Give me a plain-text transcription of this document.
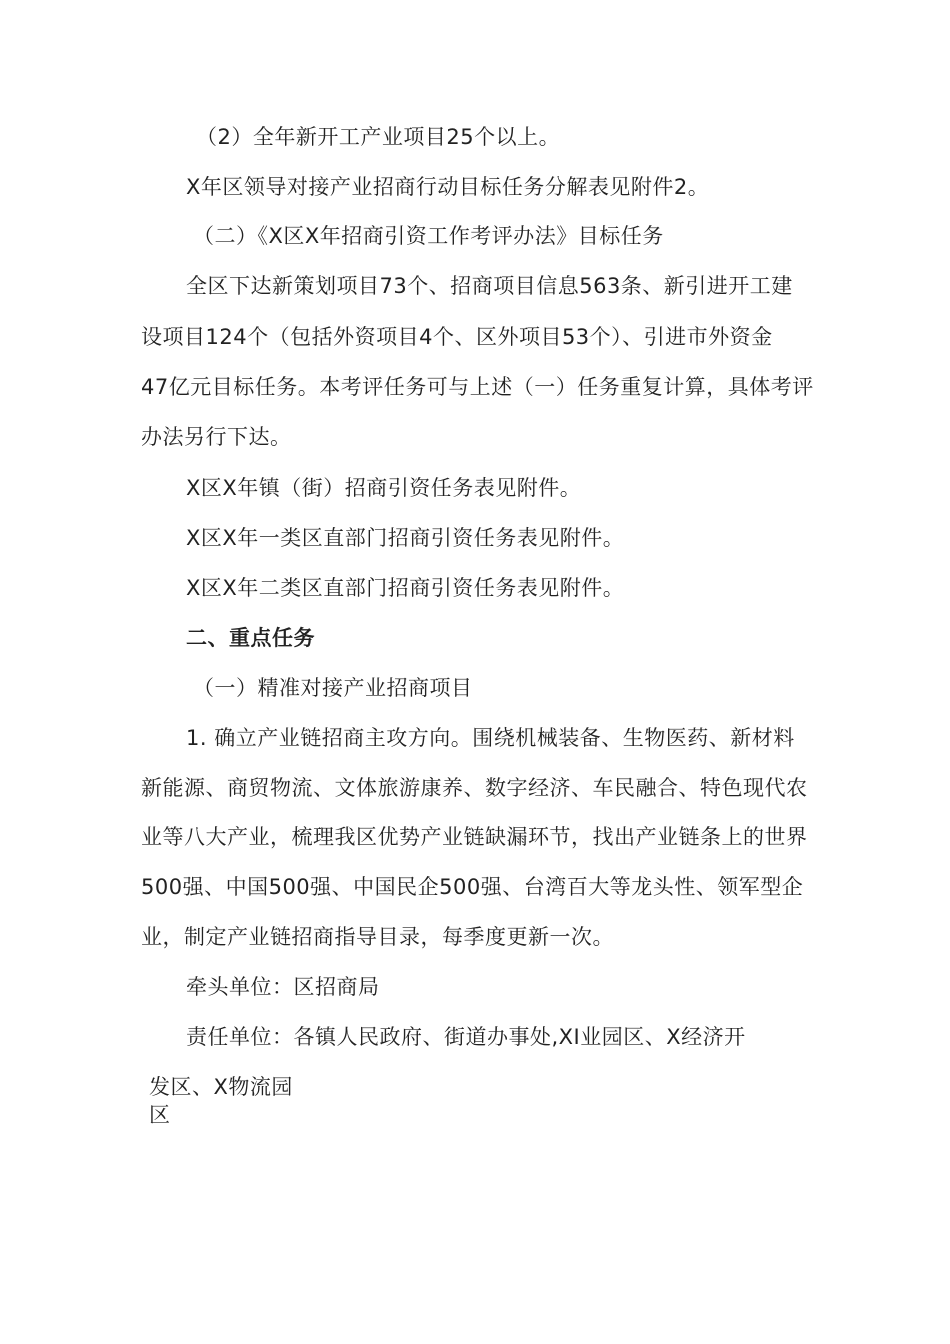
（2）全年新开工产业项目25个以上。
X年区领导对接产业招商行动目标任务分解表见附件2。
（二）《X区X年招商引资工作考评办法》目标任务
全区下达新策划项目73个、招商项目信息563条、新引进开工建
设项目124个（包括外资项目4个、区外项目53个）、引进市外资金
47亿元目标任务。本考评任务可与上述（一）任务重复计算，具体考评
办法另行下达。
X区X年镇（街）招商引资任务表见附件。
X区X年一类区直部门招商引资任务表见附件。
X区X年二类区直部门招商引资任务表见附件。
二、重点任务
（一）精准对接产业招商项目
1. 确立产业链招商主攻方向。围绕机械装备、生物医药、新材料
新能源、商贸物流、文体旅游康养、数字经济、车民融合、特色现代农
业等八大产业，梳理我区优势产业链缺漏环节，找出产业链条上的世界
500强、中国500强、中国民企500强、台湾百大等龙头性、领军型企
业，制定产业链招商指导目录，每季度更新一次。
牵头单位：区招商局
责任单位：各镇人民政府、街道办事处,XI业园区、X经济开
发区、X物流园
区
